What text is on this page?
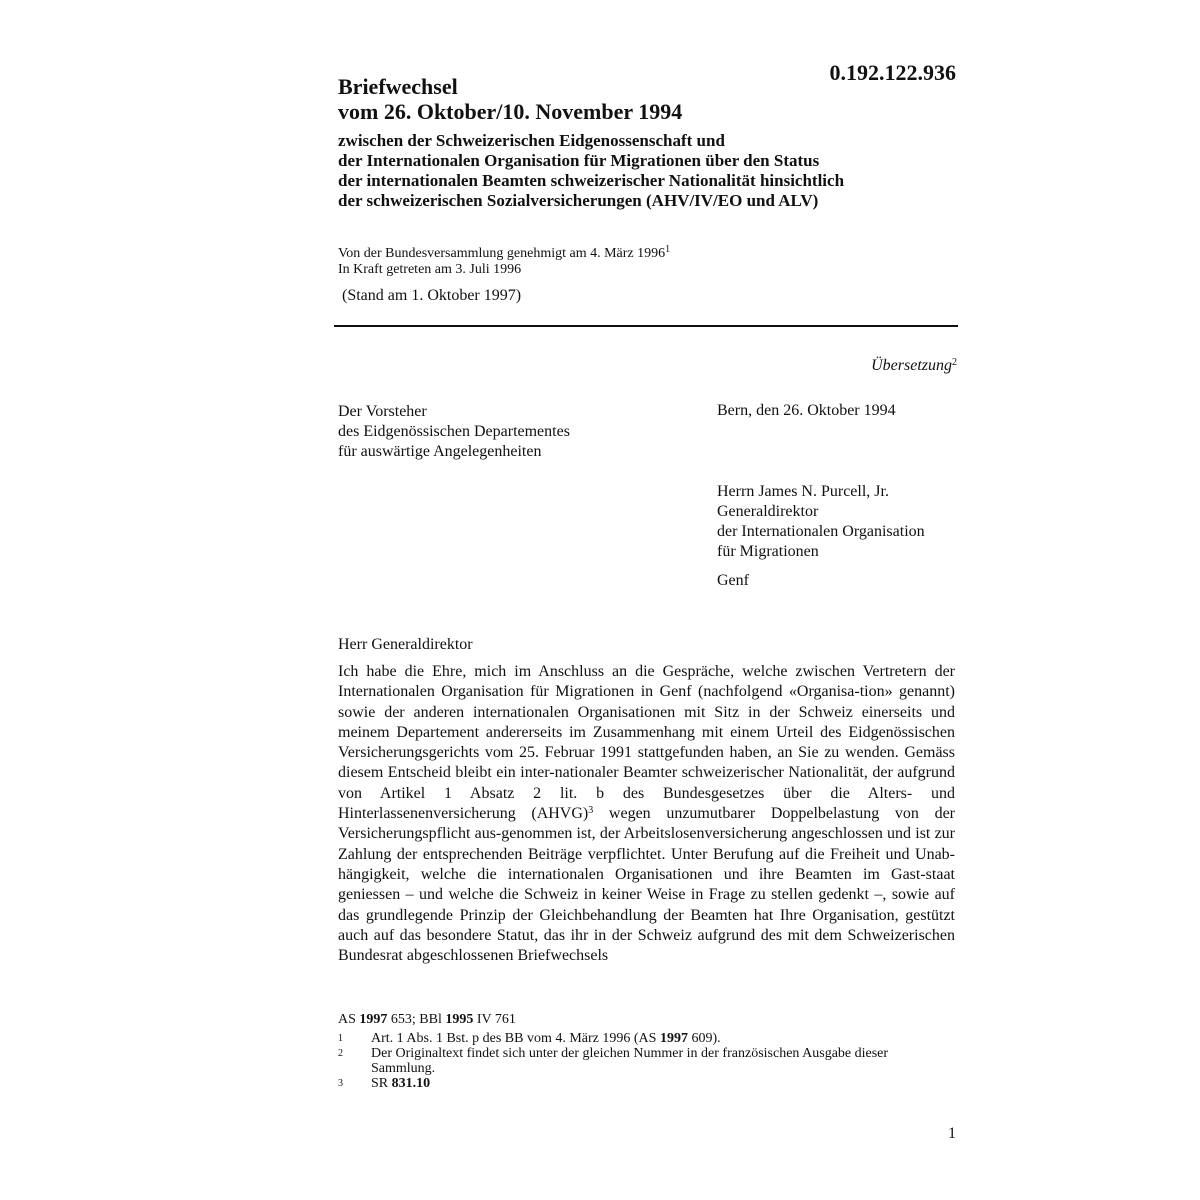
0.192.122.936
Briefwechsel
vom 26. Oktober/10. November 1994
zwischen der Schweizerischen Eidgenossenschaft und
der Internationalen Organisation für Migrationen über den Status
der internationalen Beamten schweizerischer Nationalität hinsichtlich
der schweizerischen Sozialversicherungen (AHV/IV/EO und ALV)
Von der Bundesversammlung genehmigt am 4. März 1996$^1$
In Kraft getreten am 3. Juli 1996
(Stand am 1. Oktober 1997)
Übersetzung$^2$
Der Vorsteher
des Eidgenössischen Departementes
für auswärtige Angelegenheiten
Bern, den 26. Oktober 1994
Herrn James N. Purcell, Jr.
Generaldirektor
der Internationalen Organisation
für Migrationen
Genf
Herr Generaldirektor
Ich habe die Ehre, mich im Anschluss an die Gespräche, welche zwischen Vertretern der Internationalen Organisation für Migrationen in Genf (nachfolgend «Organisa-tion» genannt) sowie der anderen internationalen Organisationen mit Sitz in der Schweiz einerseits und meinem Departement andererseits im Zusammenhang mit einem Urteil des Eidgenössischen Versicherungsgerichts vom 25. Februar 1991 stattgefunden haben, an Sie zu wenden. Gemäss diesem Entscheid bleibt ein inter-nationaler Beamter schweizerischer Nationalität, der aufgrund von Artikel 1 Absatz 2 lit. b des Bundesgesetzes über die Alters- und Hinterlassenenversicherung (AHVG)$^3$ wegen unzumutbarer Doppelbelastung von der Versicherungspflicht aus-genommen ist, der Arbeitslosenversicherung angeschlossen und ist zur Zahlung der entsprechenden Beiträge verpflichtet. Unter Berufung auf die Freiheit und Unab-hängigkeit, welche die internationalen Organisationen und ihre Beamten im Gast-staat geniessen – und welche die Schweiz in keiner Weise in Frage zu stellen gedenkt –, sowie auf das grundlegende Prinzip der Gleichbehandlung der Beamten hat Ihre Organisation, gestützt auch auf das besondere Statut, das ihr in der Schweiz aufgrund des mit dem Schweizerischen Bundesrat abgeschlossenen Briefwechsels
AS 1997 653; BBl 1995 IV 761
1	Art. 1 Abs. 1 Bst. p des BB vom 4. März 1996 (AS 1997 609).
2	Der Originaltext findet sich unter der gleichen Nummer in der französischen Ausgabe dieser Sammlung.
3	SR 831.10
1
